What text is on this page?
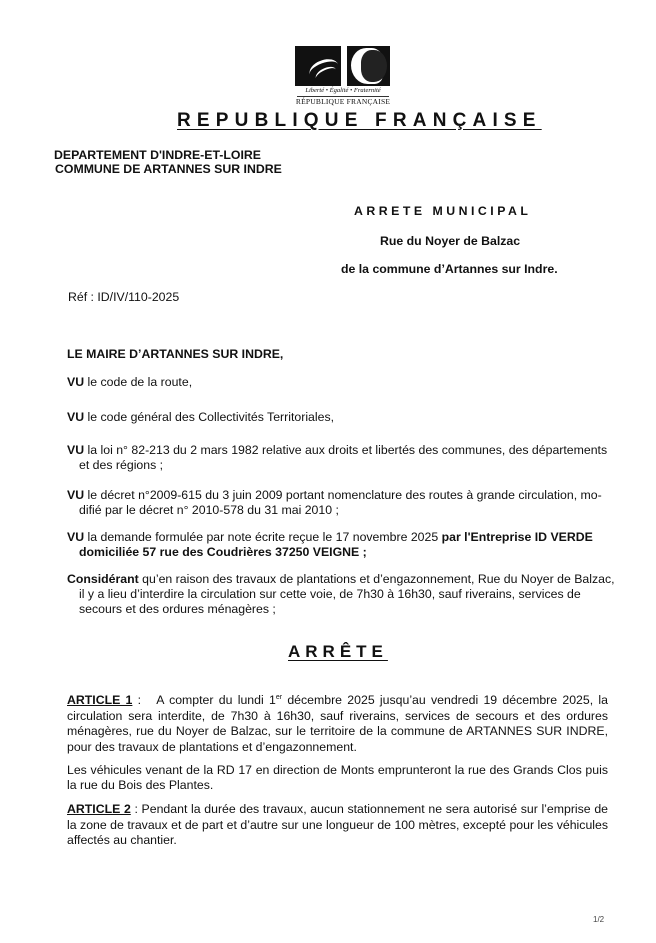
Liberté • Égalité • Fraternité
RÉPUBLIQUE FRANÇAISE
REPUBLIQUE FRANÇAISE
DEPARTEMENT D'INDRE-ET-LOIRE
COMMUNE DE ARTANNES SUR INDRE
ARRETE MUNICIPAL
Rue du Noyer de Balzac
de la commune d’Artannes sur Indre.
Réf : ID/IV/110-2025
LE MAIRE D’ARTANNES SUR INDRE,
VU le code de la route,
VU le code général des Collectivités Territoriales,
VU la loi n° 82-213 du 2 mars 1982 relative aux droits et libertés des communes, des départements
et des régions ;
VU le décret n°2009-615 du 3 juin 2009 portant nomenclature des routes à grande circulation, mo-
difié par le décret n° 2010-578 du 31 mai 2010 ;
VU la demande formulée par note écrite reçue le 17 novembre 2025 par l'Entreprise ID VERDE
domiciliée 57 rue des Coudrières 37250 VEIGNE ;
Considérant qu’en raison des travaux de plantations et d’engazonnement, Rue du Noyer de Balzac,
il y a lieu d’interdire la circulation sur cette voie, de 7h30 à 16h30, sauf riverains, services de
secours et des ordures ménagères ;
ARRÊTE
ARTICLE 1 :   A compter du lundi 1er décembre 2025 jusqu’au vendredi 19 décembre 2025, la circulation sera interdite, de 7h30 à 16h30, sauf riverains, services de secours et des ordures ménagères, rue du Noyer de Balzac, sur le territoire de la commune de ARTANNES SUR INDRE, pour des travaux de plantations et d’engazonnement.
Les véhicules venant de la RD 17 en direction de Monts emprunteront la rue des Grands Clos puis la rue du Bois des Plantes.
ARTICLE 2 : Pendant la durée des travaux, aucun stationnement ne sera autorisé sur l’emprise de la zone de travaux et de part et d’autre sur une longueur de 100 mètres, excepté pour les véhicules affectés au chantier.
1/2
